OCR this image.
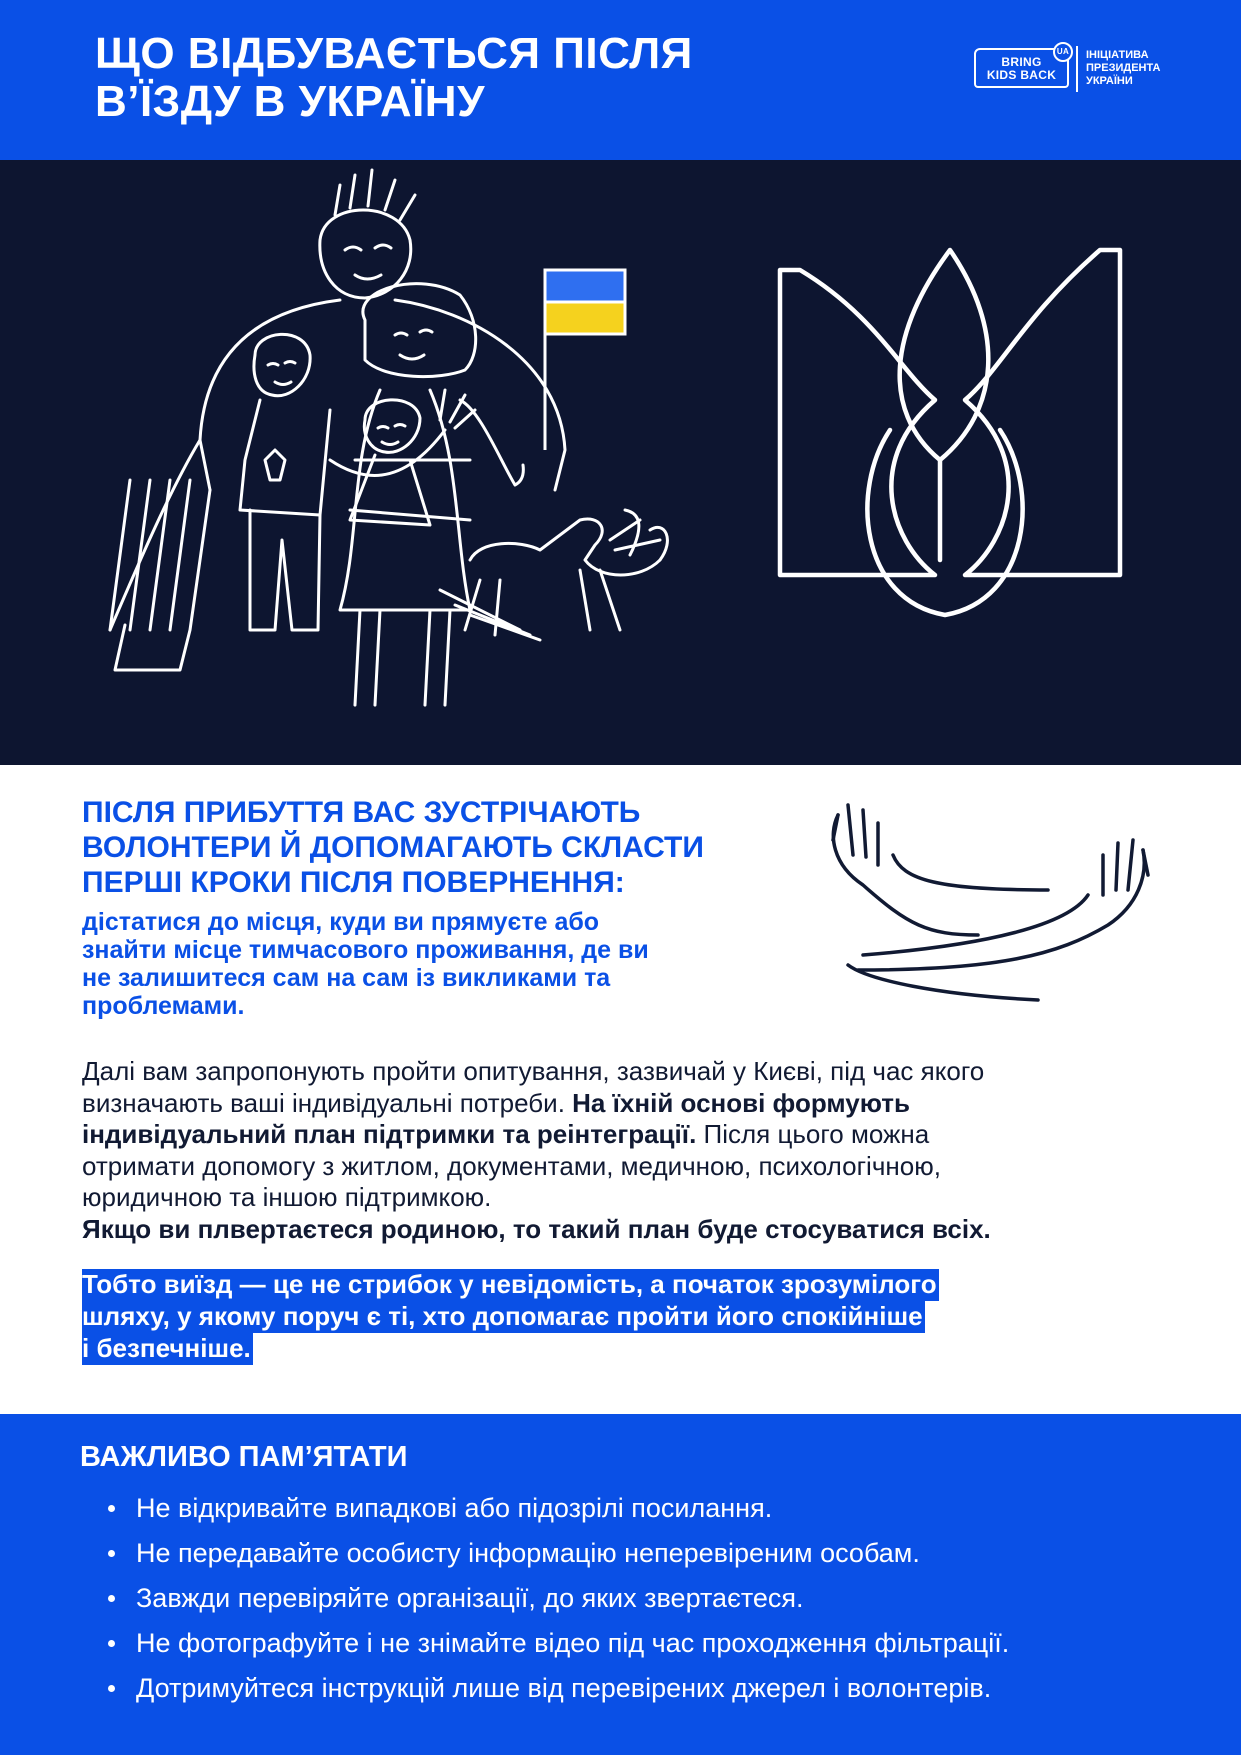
ЩО ВІДБУВАЄТЬСЯ ПІСЛЯ
В’ЇЗДУ В УКРАЇНУ
BRING
KIDS BACK
UA	ІНІЦІАТИВА
ПРЕЗИДЕНТА
УКРАЇНИ
ПІСЛЯ ПРИБУТТЯ ВАС ЗУСТРІЧАЮТЬ
ВОЛОНТЕРИ Й ДОПОМАГАЮТЬ СКЛАСТИ
ПЕРШІ КРОКИ ПІСЛЯ ПОВЕРНЕННЯ:
дістатися до місця, куди ви прямуєте або
знайти місце тимчасового проживання, де ви
не залишитеся сам на сам із викликами та
проблемами.
Далі вам запропонують пройти опитування, зазвичай у Києві, під час якого
визначають ваші індивідуальні потреби. На їхній основі формують
індивідуальний план підтримки та реінтеграції. Після цього можна
отримати допомогу з житлом, документами, медичною, психологічною,
юридичною та іншою підтримкою.
Якщо ви плвертаєтеся родиною, то такий план буде стосуватися всіх.
Тобто виїзд — це не стрибок у невідомість, а початок зрозумілого
шляху, у якому поруч є ті, хто допомагає пройти його спокійніше
і безпечніше.
ВАЖЛИВО ПАМ’ЯТАТИ
Не відкривайте випадкові або підозрілі посилання.
Не передавайте особисту інформацію неперевіреним особам.
Завжди перевіряйте організації, до яких звертаєтеся.
Не фотографуйте і не знімайте відео під час проходження фільтрації.
Дотримуйтеся інструкцій лише від перевірених джерел і волонтерів.
